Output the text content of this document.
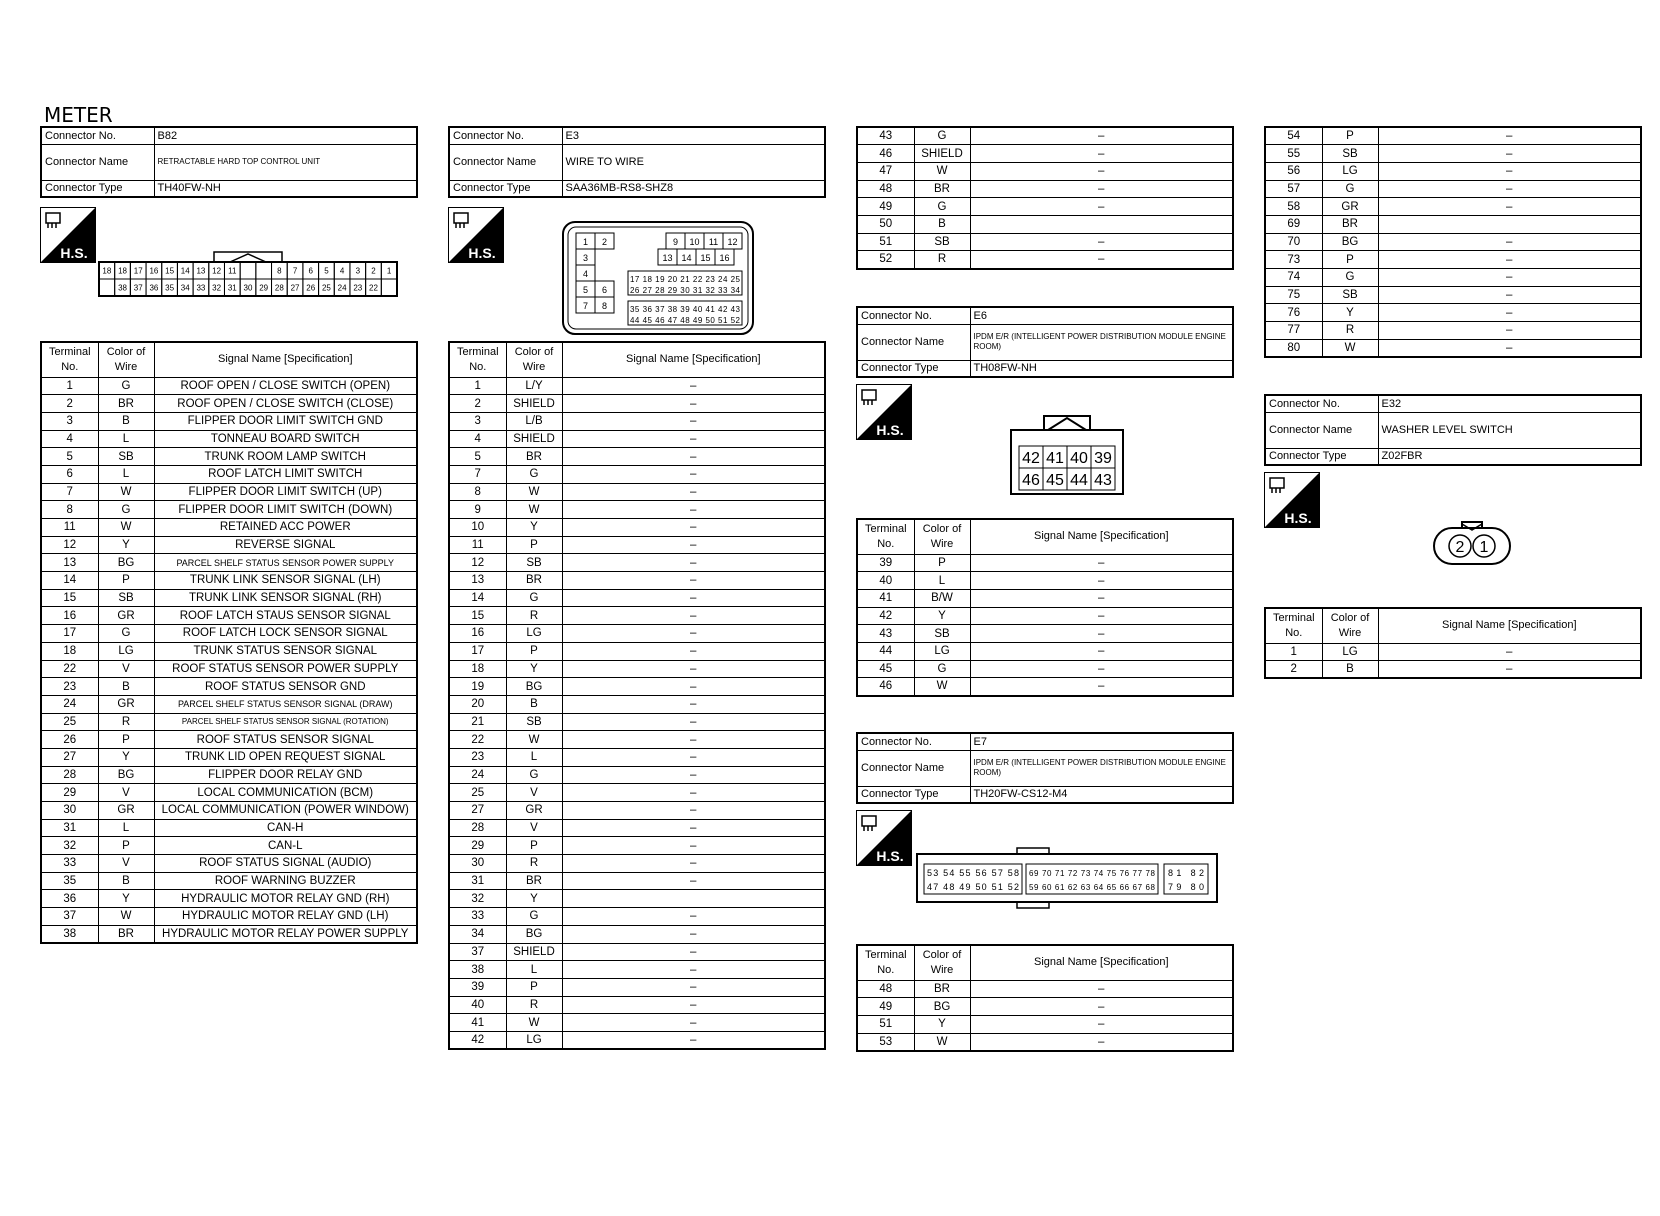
METER
Connector No.	B82
Connector Name	RETRACTABLE HARD TOP CONTROL UNIT
Connector Type	TH40FW-NH
Connector No.	E3
Connector Name	WIRE TO WIRE
Connector Type	SAA36MB-RS8-SHZ8
Connector No.	E6
Connector Name	IPDM E/R (INTELLIGENT POWER DISTRIBUTION MODULE ENGINE ROOM)
Connector Type	TH08FW-NH
Connector No.	E7
Connector Name	IPDM E/R (INTELLIGENT POWER DISTRIBUTION MODULE ENGINE ROOM)
Connector Type	TH20FW-CS12-M4
Connector No.	E32
Connector Name	WASHER LEVEL SWITCH
Connector Type	Z02FBR
H.S.	H.S.
H.S.
H.S.
H.S.
18 18 17 16 15 14 13 12 11	8 7 6 5 4 3 2 1
38 37 36 35 34 33 32 31 30 29 28 27 26 25 24 23 22
1 2
3
4
5 6
7 8
9 10 11 12
13 14 15 16
17 18 19 20 21 22 23 24 25
26 27 28 29 30 31 32 33 34
35 36 37 38 39 40 41 42 43
44 45 46 47 48 49 50 51 52
42 41 40 39
46 45 44 43
53 54 55 56 57 58
47 48 49 50 51 52
69 70 71 72 73 74 75 76 77 78
59 60 61 62 63 64 65 66 67 68
81 82
79 80
2 1
Terminal No.	Color of Wire	Signal Name [Specification]
1	G	ROOF OPEN / CLOSE SWITCH (OPEN)
2	BR	ROOF OPEN / CLOSE SWITCH (CLOSE)
3	B	FLIPPER DOOR LIMIT SWITCH GND
4	L	TONNEAU BOARD SWITCH
5	SB	TRUNK ROOM LAMP SWITCH
6	L	ROOF LATCH LIMIT SWITCH
7	W	FLIPPER DOOR LIMIT SWITCH (UP)
8	G	FLIPPER DOOR LIMIT SWITCH (DOWN)
11	W	RETAINED ACC POWER
12	Y	REVERSE SIGNAL
13	BG	PARCEL SHELF STATUS SENSOR POWER SUPPLY
14	P	TRUNK LINK SENSOR SIGNAL (LH)
15	SB	TRUNK LINK SENSOR SIGNAL (RH)
16	GR	ROOF LATCH STAUS SENSOR SIGNAL
17	G	ROOF LATCH LOCK SENSOR SIGNAL
18	LG	TRUNK STATUS SENSOR SIGNAL
22	V	ROOF STATUS SENSOR POWER SUPPLY
23	B	ROOF STATUS SENSOR GND
24	GR	PARCEL SHELF STATUS SENSOR SIGNAL (DRAW)
25	R	PARCEL SHELF STATUS SENSOR SIGNAL (ROTATION)
26	P	ROOF STATUS SENSOR SIGNAL
27	Y	TRUNK LID OPEN REQUEST SIGNAL
28	BG	FLIPPER DOOR RELAY GND
29	V	LOCAL COMMUNICATION (BCM)
30	GR	LOCAL COMMUNICATION (POWER WINDOW)
31	L	CAN-H
32	P	CAN-L
33	V	ROOF STATUS SIGNAL (AUDIO)
35	B	ROOF WARNING BUZZER
36	Y	HYDRAULIC MOTOR RELAY GND (RH)
37	W	HYDRAULIC MOTOR RELAY GND (LH)
38	BR	HYDRAULIC MOTOR RELAY POWER SUPPLY
Terminal No.	Color of Wire	Signal Name [Specification]
1	L/Y	–
2	SHIELD	–
3	L/B	–
4	SHIELD	–
5	BR	–
7	G	–
8	W	–
9	W	–
10	Y	–
11	P	–
12	SB	–
13	BR	–
14	G	–
15	R	–
16	LG	–
17	P	–
18	Y	–
19	BG	–
20	B	–
21	SB	–
22	W	–
23	L	–
24	G	–
25	V	–
27	GR	–
28	V	–
29	P	–
30	R	–
31	BR	–
32	Y	
33	G	–
34	BG	–
37	SHIELD	–
38	L	–
39	P	–
40	R	–
41	W	–
42	LG	–
43	G	–
46	SHIELD	–
47	W	–
48	BR	–
49	G	–
50	B	
51	SB	–
52	R	–
Terminal No.	Color of Wire	Signal Name [Specification]
39	P	–
40	L	–
41	B/W	–
42	Y	–
43	SB	–
44	LG	–
45	G	–
46	W	–
Terminal No.	Color of Wire	Signal Name [Specification]
48	BR	–
49	BG	–
51	Y	–
53	W	–
54	P	–
55	SB	–
56	LG	–
57	G	–
58	GR	–
69	BR	
70	BG	–
73	P	–
74	G	–
75	SB	–
76	Y	–
77	R	–
80	W	–
Terminal No.	Color of Wire	Signal Name [Specification]
1	LG	–
2	B	–
